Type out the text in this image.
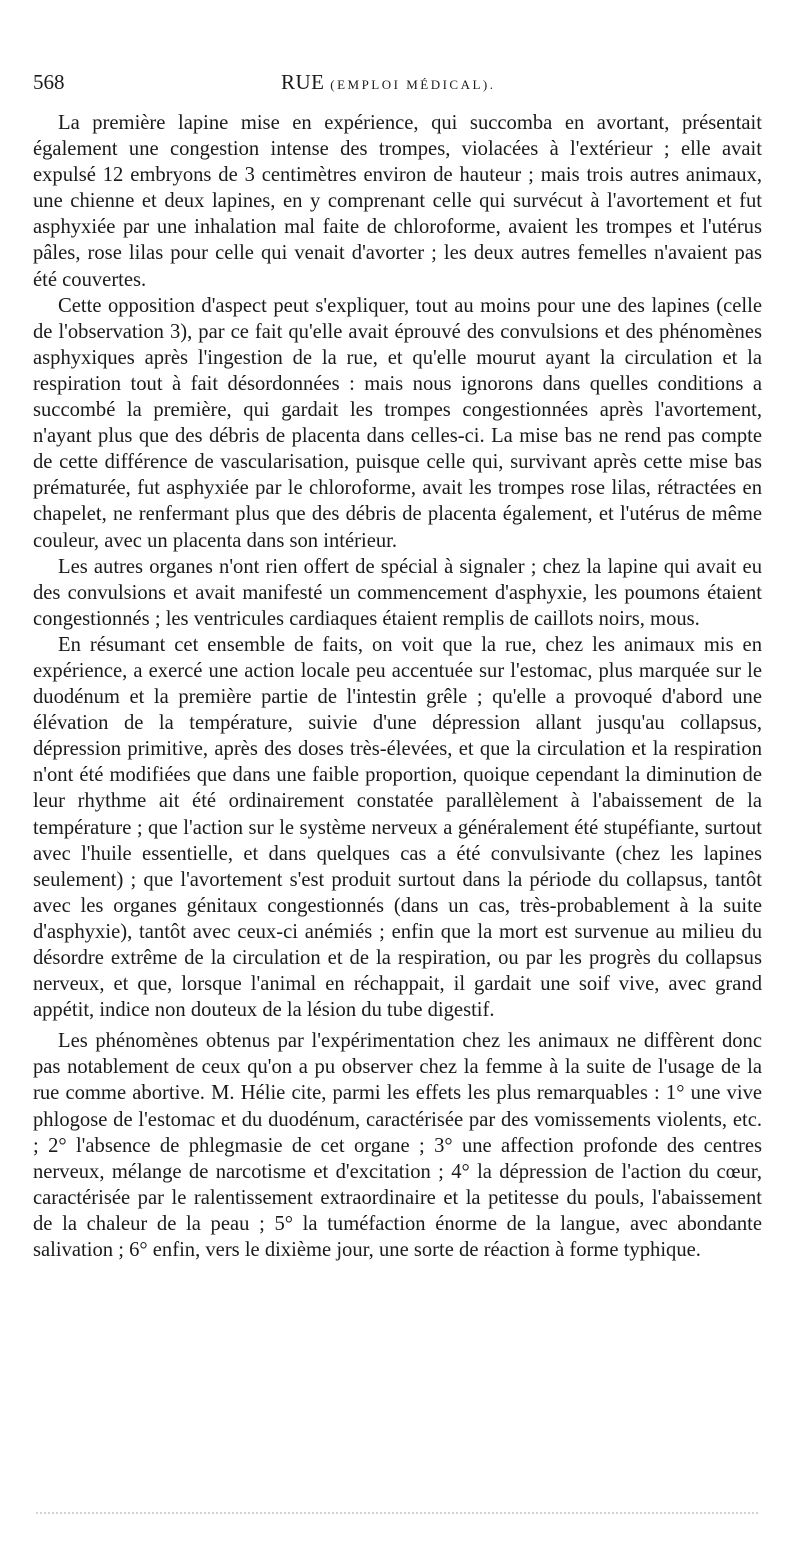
568	RUE (EMPLOI MÉDICAL).

La première lapine mise en expérience, qui succomba en avortant, présentait également une congestion intense des trompes, violacées à l'extérieur ; elle avait expulsé 12 embryons de 3 centimètres environ de hauteur ; mais trois autres animaux, une chienne et deux lapines, en y comprenant celle qui survécut à l'avortement et fut asphyxiée par une inhalation mal faite de chloroforme, avaient les trompes et l'utérus pâles, rose lilas pour celle qui venait d'avorter ; les deux autres femelles n'avaient pas été couvertes.

Cette opposition d'aspect peut s'expliquer, tout au moins pour une des lapines (celle de l'observation 3), par ce fait qu'elle avait éprouvé des convulsions et des phénomènes asphyxiques après l'ingestion de la rue, et qu'elle mourut ayant la circulation et la respiration tout à fait désordonnées : mais nous ignorons dans quelles conditions a succombé la première, qui gardait les trompes congestionnées après l'avortement, n'ayant plus que des débris de placenta dans celles-ci. La mise bas ne rend pas compte de cette différence de vascularisation, puisque celle qui, survivant après cette mise bas prématurée, fut asphyxiée par le chloroforme, avait les trompes rose lilas, rétractées en chapelet, ne renfermant plus que des débris de placenta également, et l'utérus de même couleur, avec un placenta dans son intérieur.

Les autres organes n'ont rien offert de spécial à signaler ; chez la lapine qui avait eu des convulsions et avait manifesté un commencement d'asphyxie, les poumons étaient congestionnés ; les ventricules cardiaques étaient remplis de caillots noirs, mous.

En résumant cet ensemble de faits, on voit que la rue, chez les animaux mis en expérience, a exercé une action locale peu accentuée sur l'estomac, plus marquée sur le duodénum et la première partie de l'intestin grêle ; qu'elle a provoqué d'abord une élévation de la température, suivie d'une dépression allant jusqu'au collapsus, dépression primitive, après des doses très-élevées, et que la circulation et la respiration n'ont été modifiées que dans une faible proportion, quoique cependant la diminution de leur rhythme ait été ordinairement constatée parallèlement à l'abaissement de la température ; que l'action sur le système nerveux a généralement été stupéfiante, surtout avec l'huile essentielle, et dans quelques cas a été convulsivante (chez les lapines seulement) ; que l'avortement s'est produit surtout dans la période du collapsus, tantôt avec les organes génitaux congestionnés (dans un cas, très-probablement à la suite d'asphyxie), tantôt avec ceux-ci anémiés ; enfin que la mort est survenue au milieu du désordre extrême de la circulation et de la respiration, ou par les progrès du collapsus nerveux, et que, lorsque l'animal en réchappait, il gardait une soif vive, avec grand appétit, indice non douteux de la lésion du tube digestif.

Les phénomènes obtenus par l'expérimentation chez les animaux ne diffèrent donc pas notablement de ceux qu'on a pu observer chez la femme à la suite de l'usage de la rue comme abortive. M. Hélie cite, parmi les effets les plus remarquables : 1° une vive phlogose de l'estomac et du duodénum, caractérisée par des vomissements violents, etc. ; 2° l'absence de phlegmasie de cet organe ; 3° une affection profonde des centres nerveux, mélange de narcotisme et d'excitation ; 4° la dépression de l'action du cœur, caractérisée par le ralentissement extraordinaire et la petitesse du pouls, l'abaissement de la chaleur de la peau ; 5° la tuméfaction énorme de la langue, avec abondante salivation ; 6° enfin, vers le dixième jour, une sorte de réaction à forme typhique.
